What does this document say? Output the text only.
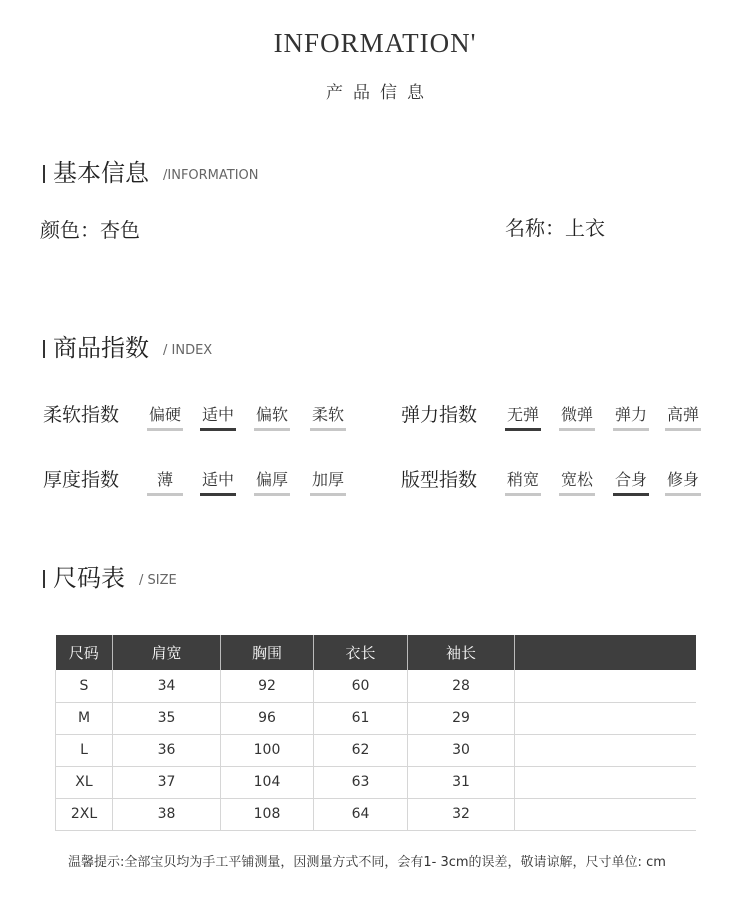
INFORMATION'
产品信息
基本信息 /INFORMATION
颜色：杏色	名称：上衣
商品指数 / INDEX
柔软指数 偏硬 适中 偏软 柔软	弹力指数 无弹 微弹 弹力 高弹
厚度指数	薄	适中 偏厚 加厚	版型指数 稍宽 宽松 合身 修身
尺码表 / SIZE
尺码	肩宽	胸围	衣长	袖长	
S	34	92	60	28	
M	35	96	61	29	
L	36	100	62	30	
XL	37	104	63	31	
2XL	38	108	64	32	
温馨提示:全部宝贝均为手工平铺测量，因测量方式不同，会有1- 3cm的误差，敬请谅解，尺寸单位: cm
